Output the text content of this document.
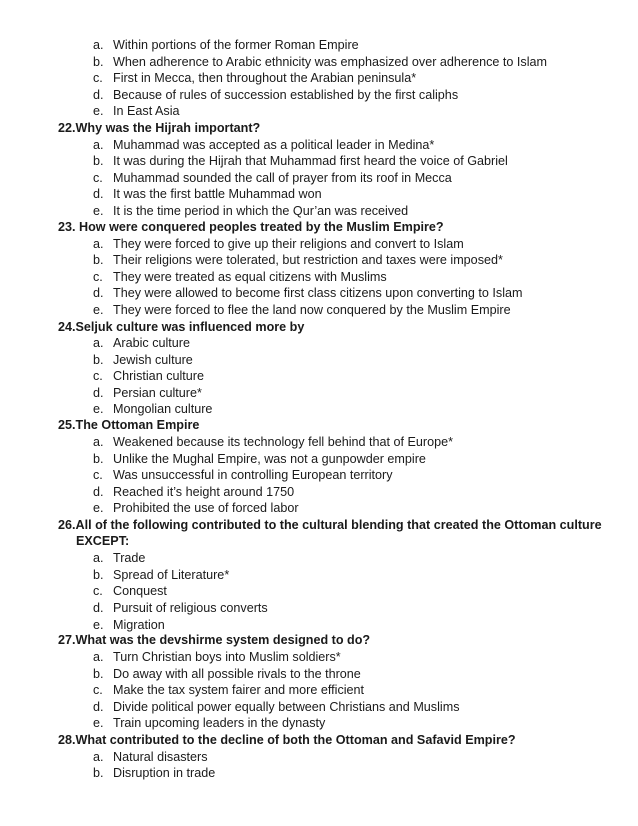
a. Within portions of the former Roman Empire
b. When adherence to Arabic ethnicity was emphasized over adherence to Islam
c. First in Mecca, then throughout the Arabian peninsula*
d. Because of rules of succession established by the first caliphs
e. In East Asia
22.Why was the Hijrah important?
a. Muhammad was accepted as a political leader in Medina*
b. It was during the Hijrah that Muhammad first heard the voice of Gabriel
c. Muhammad sounded the call of prayer from its roof in Mecca
d. It was the first battle Muhammad won
e. It is the time period in which the Qur’an was received
23. How were conquered peoples treated by the Muslim Empire?
a. They were forced to give up their religions and convert to Islam
b. Their religions were tolerated, but restriction and taxes were imposed*
c. They were treated as equal citizens with Muslims
d. They were allowed to become first class citizens upon converting to Islam
e. They were forced to flee the land now conquered by the Muslim Empire
24.Seljuk culture was influenced more by
a. Arabic culture
b. Jewish culture
c. Christian culture
d. Persian culture*
e. Mongolian culture
25.The Ottoman Empire
a. Weakened because its technology fell behind that of Europe*
b. Unlike the Mughal Empire, was not a gunpowder empire
c. Was unsuccessful in controlling European territory
d. Reached it’s height around 1750
e. Prohibited the use of forced labor
26.All of the following contributed to the cultural blending that created the Ottoman culture
EXCEPT:
a. Trade
b. Spread of Literature*
c. Conquest
d. Pursuit of religious converts
e. Migration
27.What was the devshirme system designed to do?
a. Turn Christian boys into Muslim soldiers*
b. Do away with all possible rivals to the throne
c. Make the tax system fairer and more efficient
d. Divide political power equally between Christians and Muslims
e. Train upcoming leaders in the dynasty
28.What contributed to the decline of both the Ottoman and Safavid Empire?
a. Natural disasters
b. Disruption in trade
